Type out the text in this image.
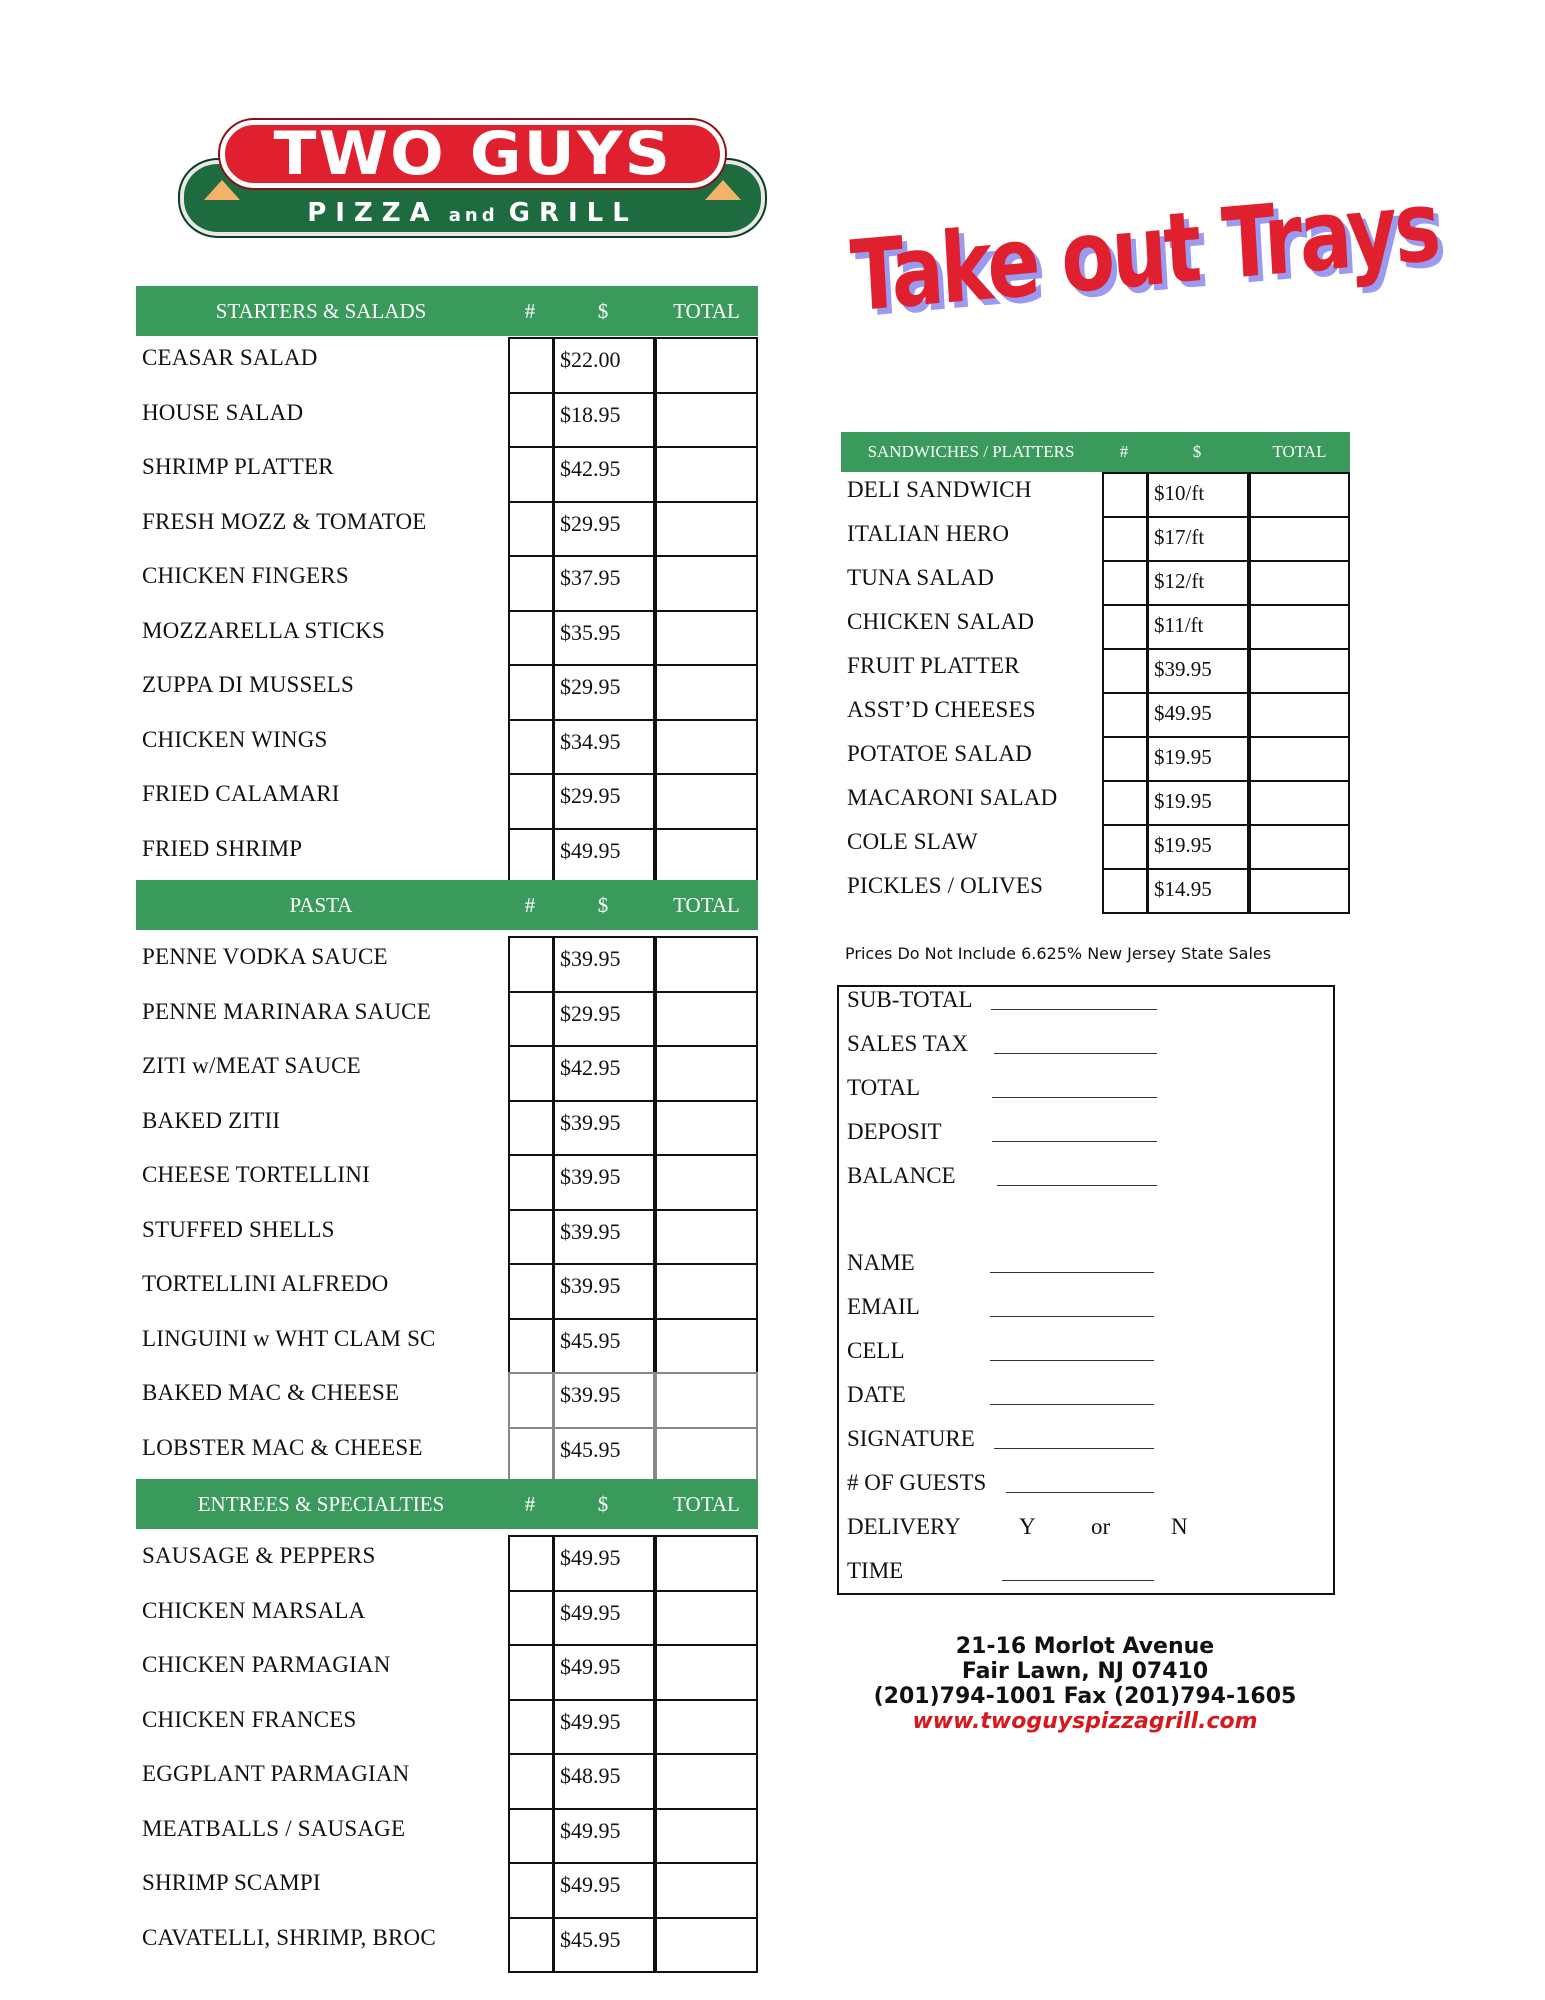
TWO GUYS
PIZZA and GRILL	Take out Trays
STARTERS & SALADS	#	$	TOTAL
CEASAR SALAD	$22.00
HOUSE SALAD	$18.95
SHRIMP PLATTER	$42.95
FRESH MOZZ & TOMATOE	$29.95
CHICKEN FINGERS	$37.95
MOZZARELLA STICKS	$35.95
ZUPPA DI MUSSELS	$29.95
CHICKEN WINGS	$34.95
FRIED CALAMARI	$29.95
FRIED SHRIMP	$49.95
PASTA	#	$	TOTAL
PENNE VODKA SAUCE	$39.95
PENNE MARINARA SAUCE	$29.95
ZITI w/MEAT SAUCE	$42.95
BAKED ZITII	$39.95
CHEESE TORTELLINI	$39.95
STUFFED SHELLS	$39.95
TORTELLINI ALFREDO	$39.95
LINGUINI w WHT CLAM SC	$45.95
BAKED MAC & CHEESE	$39.95
LOBSTER MAC & CHEESE	$45.95
ENTREES & SPECIALTIES	#	$	TOTAL
SAUSAGE & PEPPERS	$49.95
CHICKEN MARSALA	$49.95
CHICKEN PARMAGIAN	$49.95
CHICKEN FRANCES	$49.95
EGGPLANT PARMAGIAN	$48.95
MEATBALLS / SAUSAGE	$49.95
SHRIMP SCAMPI	$49.95
CAVATELLI, SHRIMP, BROC	$45.95
SANDWICHES / PLATTERS	#	$	TOTAL
DELI SANDWICH	$10/ft
ITALIAN HERO	$17/ft
TUNA SALAD	$12/ft
CHICKEN SALAD	$11/ft
FRUIT PLATTER	$39.95
ASST’D CHEESES	$49.95
POTATOE SALAD	$19.95
MACARONI SALAD	$19.95
COLE SLAW	$19.95
PICKLES / OLIVES	$14.95
Prices Do Not Include 6.625% New Jersey State Sales
SUB-TOTAL
SALES TAX
TOTAL
DEPOSIT
BALANCE
NAME
EMAIL
CELL
DATE
SIGNATURE
# OF GUESTS
TIME
DELIVERY	Y or	N
21-16 Morlot Avenue
Fair Lawn, NJ 07410
(201)794-1001 Fax (201)794-1605
www.twoguyspizzagrill.com
